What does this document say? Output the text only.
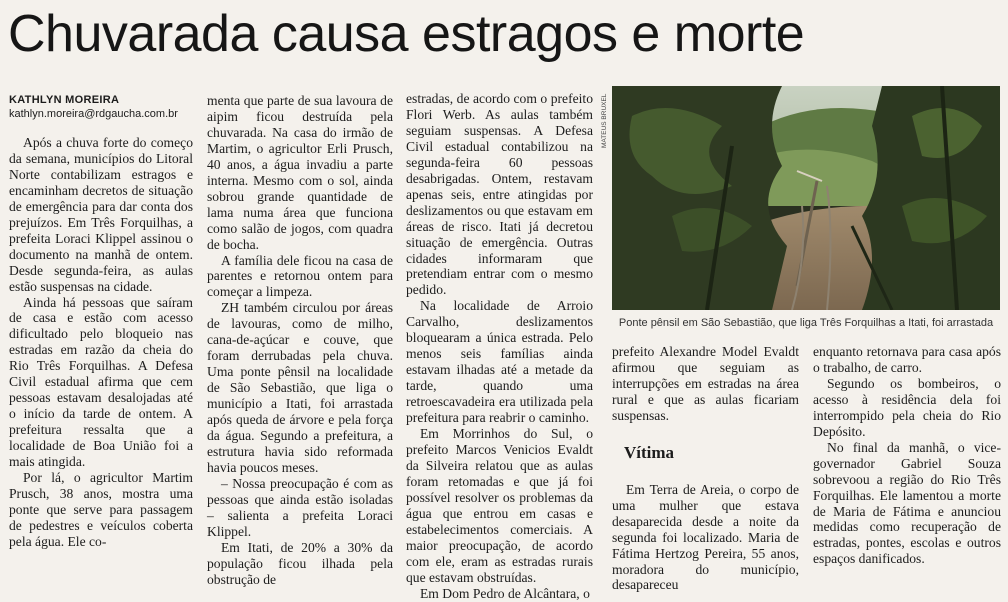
Chuvarada causa estragos e morte
KATHLYN MOREIRA
kathlyn.moreira@rdgaucha.com.br

Após a chuva forte do começo da semana, municípios do Litoral Norte contabilizam estragos e encaminham decretos de situação de emergência para dar conta dos prejuízos. Em Três Forquilhas, a prefeita Loraci Klippel assinou o documento na manhã de ontem. Desde segunda-feira, as aulas estão suspensas na cidade.

Ainda há pessoas que saíram de casa e estão com acesso dificultado pelo bloqueio nas estradas em razão da cheia do Rio Três Forquilhas. A Defesa Civil estadual afirma que cem pessoas estavam desalojadas até o início da tarde de ontem. A prefeitura ressalta que a localidade de Boa União foi a mais atingida.

Por lá, o agricultor Martim Prusch, 38 anos, mostra uma ponte que serve para passagem de pedestres e veículos coberta pela água. Ele co-

menta que parte de sua lavoura de aipim ficou destruída pela chuvarada. Na casa do irmão de Martim, o agricultor Erli Prusch, 40 anos, a água invadiu a parte interna. Mesmo com o sol, ainda sobrou grande quantidade de lama numa área que funciona como salão de jogos, com quadra de bocha.

A família dele ficou na casa de parentes e retornou ontem para começar a limpeza.

ZH também circulou por áreas de lavouras, como de milho, cana-de-açúcar e couve, que foram derrubadas pela chuva. Uma ponte pênsil na localidade de São Sebastião, que liga o município a Itati, foi arrastada após queda de árvore e pela força da água. Segundo a prefeitura, a estrutura havia sido reformada havia poucos meses.

– Nossa preocupação é com as pessoas que ainda estão isoladas – salienta a prefeita Loraci Klippel.

Em Itati, de 20% a 30% da população ficou ilhada pela obstrução de

estradas, de acordo com o prefeito Flori Werb. As aulas também seguiam suspensas. A Defesa Civil estadual contabilizou na segunda-feira 60 pessoas desabrigadas. Ontem, restavam apenas seis, entre atingidas por deslizamentos ou que estavam em áreas de risco. Itati já decretou situação de emergência. Outras cidades informaram que pretendiam entrar com o mesmo pedido.

Na localidade de Arroio Carvalho, deslizamentos bloquearam a única estrada. Pelo menos seis famílias ainda estavam ilhadas até a metade da tarde, quando uma retroescavadeira era utilizada pela prefeitura para reabrir o caminho.

Em Morrinhos do Sul, o prefeito Marcos Venicios Evaldt da Silveira relatou que as aulas foram retomadas e que já foi possível resolver os problemas da água que entrou em casas e estabelecimentos comerciais. A maior preocupação, de acordo com ele, eram as estradas rurais que estavam obstruídas.

Em Dom Pedro de Alcântara, o

MATEUS BRUXEL
Ponte pênsil em São Sebastião, que liga Três Forquilhas a Itati, foi arrastada

prefeito Alexandre Model Evaldt afirmou que seguiam as interrupções em estradas na área rural e que as aulas ficariam suspensas.

Vítima

Em Terra de Areia, o corpo de uma mulher que estava desaparecida desde a noite da segunda foi localizado. Maria de Fátima Hertzog Pereira, 55 anos, moradora do município, desapareceu

enquanto retornava para casa após o trabalho, de carro.

Segundo os bombeiros, o acesso à residência dela foi interrompido pela cheia do Rio Depósito.

No final da manhã, o vice-governador Gabriel Souza sobrevoou a região do Rio Três Forquilhas. Ele lamentou a morte de Maria de Fátima e anunciou medidas como recuperação de estradas, pontes, escolas e outros espaços danificados.
